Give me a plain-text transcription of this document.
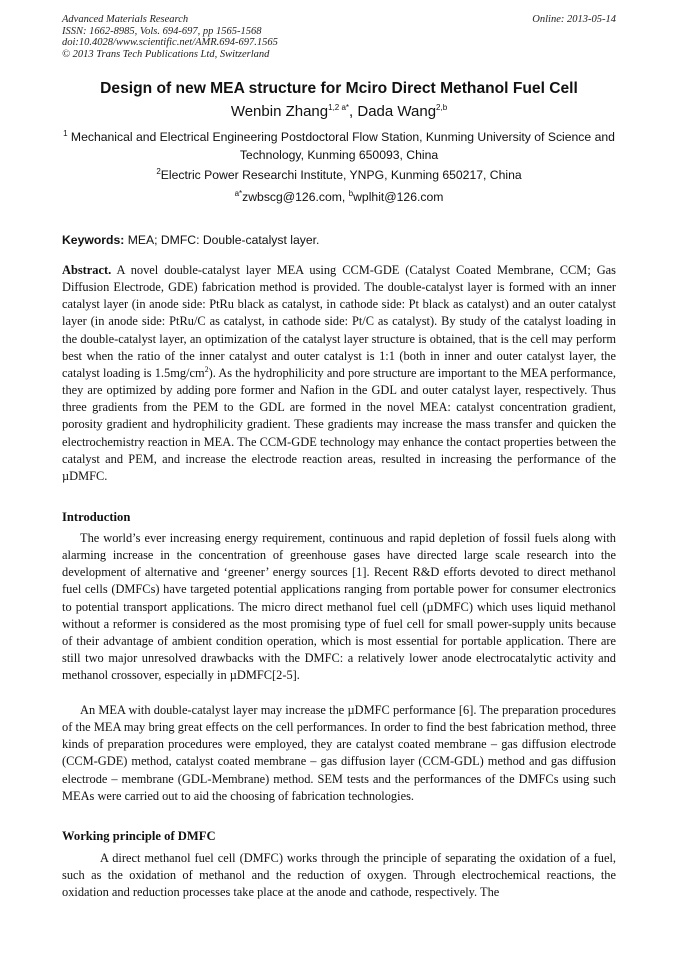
Advanced Materials Research
ISSN: 1662-8985, Vols. 694-697, pp 1565-1568
doi:10.4028/www.scientific.net/AMR.694-697.1565
© 2013 Trans Tech Publications Ltd, Switzerland
Online: 2013-05-14
Design of new MEA structure for Mciro Direct Methanol Fuel Cell
Wenbin Zhang$^{1,2 a*}$, Dada Wang$^{2,b}$
$^1$ Mechanical and Electrical Engineering Postdoctoral Flow Station, Kunming University of Science and Technology, Kunming 650093, China
$^2$Electric Power Researchi Institute, YNPG, Kunming 650217, China
$^{a*}$zwbscg@126.com, $^b$wplhit@126.com
Keywords: MEA; DMFC: Double-catalyst layer.

Abstract. A novel double-catalyst layer MEA using CCM-GDE (Catalyst Coated Membrane, CCM; Gas Diffusion Electrode, GDE) fabrication method is provided. The double-catalyst layer is formed with an inner catalyst layer (in anode side: PtRu black as catalyst, in cathode side: Pt black as catalyst) and an outer catalyst layer (in anode side: PtRu/C as catalyst, in cathode side: Pt/C as catalyst). By study of the catalyst loading in the double-catalyst layer, an optimization of the catalyst layer structure is obtained, that is the cell may perform best when the ratio of the inner catalyst and outer catalyst is 1:1 (both in inner and outer catalyst layer, the catalyst loading is $1.5mg/cm^2$). As the hydrophilicity and pore structure are important to the MEA performance, they are optimized by adding pore former and Nafion in the GDL and outer catalyst layer, respectively. Thus three gradients from the PEM to the GDL are formed in the novel MEA: catalyst concentration gradient, porosity gradient and hydrophilicity gradient. These gradients may increase the mass transfer and quicken the electrochemistry reaction in MEA. The CCM-GDE technology may enhance the contact properties between the catalyst and PEM, and increase the electrode reaction areas, resulted in increasing the performance of the µDMFC.

Introduction

The world’s ever increasing energy requirement, continuous and rapid depletion of fossil fuels along with alarming increase in the concentration of greenhouse gases have directed large scale research into the development of alternative and ‘greener’ energy sources [1]. Recent R&D efforts devoted to direct methanol fuel cells (DMFCs) have targeted potential applications ranging from portable power for consumer electronics to potential transport applications. The micro direct methanol fuel cell (µDMFC) which uses liquid methanol without a reformer is considered as the most promising type of fuel cell for small power-supply units because of their advantage of ambient condition operation, which is most essential for portable application. There are still two major unresolved drawbacks with the DMFC: a relatively lower anode electrocatalytic activity and methanol crossover, especially in µDMFC[2-5].

An MEA with double-catalyst layer may increase the µDMFC performance [6]. The preparation procedures of the MEA may bring great effects on the cell performances. In order to find the best fabrication method, three kinds of preparation procedures were employed, they are catalyst coated membrane – gas diffusion electrode (CCM-GDE) method, catalyst coated membrane – gas diffusion layer (CCM-GDL) method and gas diffusion electrode – membrane (GDL-Membrane) method. SEM tests and the performances of the DMFCs using such MEAs were carried out to aid the choosing of fabrication technologies.

Working principle of DMFC

A direct methanol fuel cell (DMFC) works through the principle of separating the oxidation of a fuel, such as the oxidation of methanol and the reduction of oxygen. Through electrochemical reactions, the oxidation and reduction processes take place at the anode and cathode, respectively. The
